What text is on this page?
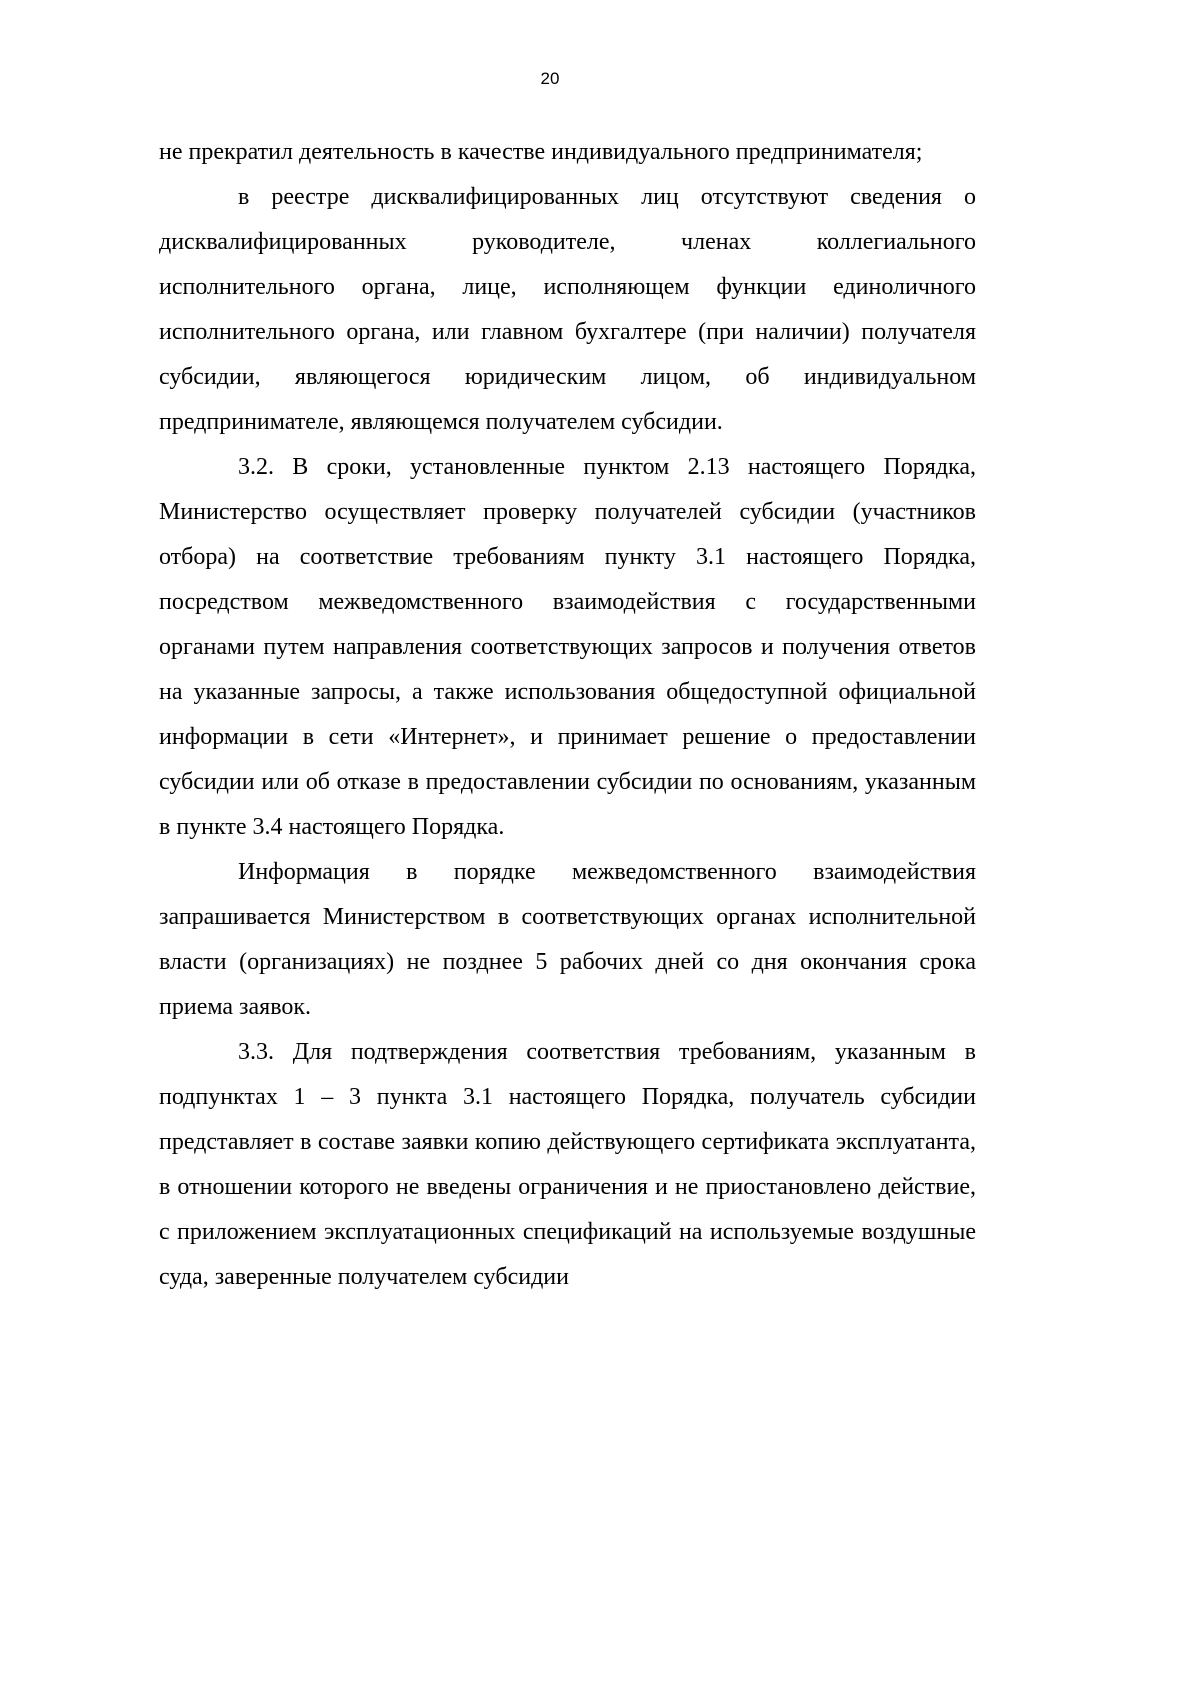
20

не прекратил деятельность в качестве индивидуального предпринимателя;

в реестре дисквалифицированных лиц отсутствуют сведения о дисквалифицированных руководителе, членах коллегиального исполнительного органа, лице, исполняющем функции единоличного исполнительного органа, или главном бухгалтере (при наличии) получателя субсидии, являющегося юридическим лицом, об индивидуальном предпринимателе, являющемся получателем субсидии.

3.2. В сроки, установленные пунктом 2.13 настоящего Порядка, Министерство осуществляет проверку получателей субсидии (участников отбора) на соответствие требованиям пункту 3.1 настоящего Порядка, посредством межведомственного взаимодействия с государственными органами путем направления соответствующих запросов и получения ответов на указанные запросы, а также использования общедоступной официальной информации в сети «Интернет», и принимает решение о предоставлении субсидии или об отказе в предоставлении субсидии по основаниям, указанным в пункте 3.4 настоящего Порядка.

Информация в порядке межведомственного взаимодействия запрашивается Министерством в соответствующих органах исполнительной власти (организациях) не позднее 5 рабочих дней со дня окончания срока приема заявок.

3.3. Для подтверждения соответствия требованиям, указанным в подпунктах 1 – 3 пункта 3.1 настоящего Порядка, получатель субсидии представляет в составе заявки копию действующего сертификата эксплуатанта, в отношении которого не введены ограничения и не приостановлено действие, с приложением эксплуатационных спецификаций на используемые воздушные суда, заверенные получателем субсидии
